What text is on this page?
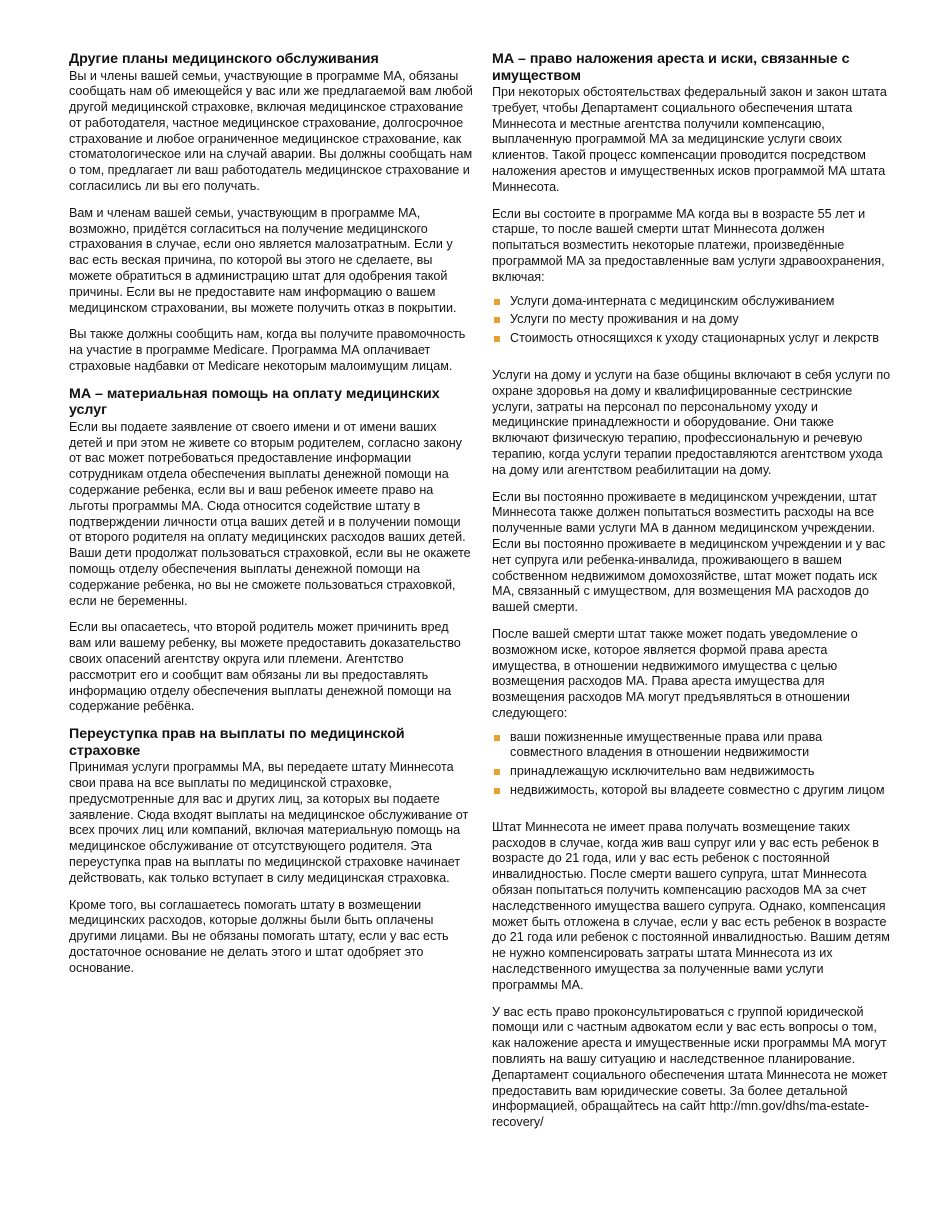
Другие планы медицинского обслуживания

Вы и члены вашей семьи, участвующие в программе МА, обязаны сообщать нам об имеющейся у вас или же предлагаемой вам любой другой медицинской страховке, включая медицинское страхование от работодателя, частное медицинское страхование, долгосрочное страхование и любое ограниченное медицинское страхование, как стоматологическое или на случай аварии. Вы должны сообщать нам о том, предлагает ли ваш работодатель медицинское страхование и согласились ли вы его получать.

Вам и членам вашей семьи, участвующим в программе МА, возможно, придётся согласиться на получение медицинского страхования в случае, если оно является малозатратным. Если у вас есть веская причина, по которой вы этого не сделаете, вы можете обратиться в администрацию штат для одобрения такой причины. Если вы не предоставите нам информацию о вашем медицинском страховании, вы можете получить отказ в покрытии.

Вы также должны сообщить нам, когда вы получите правомочность на участие в программе Medicare. Программа МА оплачивает страховые надбавки от Medicare некоторым малоимущим лицам.

МА – материальная помощь на оплату медицинских услуг

Если вы подаете заявление от своего имени и от имени ваших детей и при этом не живете со вторым родителем, согласно закону от вас может потребоваться предоставление информации сотрудникам отдела обеспечения выплаты денежной помощи на содержание ребенка, если вы и ваш ребенок имеете право на льготы программы МА. Сюда относится содействие штату в подтверждении личности отца ваших детей и в получении помощи от второго родителя на оплату медицинских расходов ваших детей. Ваши дети продолжат пользоваться страховкой, если вы не окажете помощь отделу обеспечения выплаты денежной помощи на содержание ребенка, но вы не сможете пользоваться страховкой, если не беременны.

Если вы опасаетесь, что второй родитель может причинить вред вам или вашему ребенку, вы можете предоставить доказательство своих опасений агентству округа или племени. Агентство рассмотрит его и сообщит вам обязаны ли вы предоставлять информацию отделу обеспечения выплаты денежной помощи на содержание ребёнка.

Переуступка прав на выплаты по медицинской страховке

Принимая услуги программы МА, вы передаете штату Миннесота свои права на все выплаты по медицинской страховке, предусмотренные для вас и других лиц, за которых вы подаете заявление. Сюда входят выплаты на медицинское обслуживание от всех прочих лиц или компаний, включая материальную помощь на медицинское обслуживание от отсутствующего родителя. Эта переуступка прав на выплаты по медицинской страховке начинает действовать, как только вступает в силу медицинская страховка.

Кроме того, вы соглашаетесь помогать штату в возмещении медицинских расходов, которые должны были быть оплачены другими лицами. Вы не обязаны помогать штату, если у вас есть достаточное основание не делать этого и штат одобряет это основание.

МА – право наложения ареста и иски, связанные с имуществом

При некоторых обстоятельствах федеральный закон и закон штата требует, чтобы Департамент социального обеспечения штата Миннесота и местные агентства получили компенсацию, выплаченную программой МА за медицинские услуги своих клиентов. Такой процесс компенсации проводится посредством наложения арестов и имущественных исков программой МА штата Миннесота.

Если вы состоите в программе МА когда вы в возрасте 55 лет и старше, то после вашей смерти штат Миннесота должен попытаться возместить некоторые платежи, произведённые программой МА за предоставленные вам услуги здравоохранения, включая:

Услуги дома-интерната с медицинским обслуживанием
Услуги по месту проживания и на дому
Стоимость относящихся к уходу стационарных услуг и лекрств

Услуги на дому и услуги на базе общины включают в себя услуги по охране здоровья на дому и квалифицированные сестринские услуги, затраты на персонал по персональному уходу и медицинские принадлежности и оборудование. Они также включают физическую терапию, профессиональную и речевую терапию, когда услуги терапии предоставляются агентством ухода на дому или агентством реабилитации на дому.

Если вы постоянно проживаете в медицинском учреждении, штат Миннесота также должен попытаться возместить расходы на все полученные вами услуги МА в данном медицинском учреждении. Если вы постоянно проживаете в медицинском учреждении и у вас нет супруга или ребенка-инвалида, проживающего в вашем собственном недвижимом домохозяйстве, штат может подать иск МА, связанный с имуществом, для возмещения МА расходов до вашей смерти.

После вашей смерти штат также может подать уведомление о возможном иске, которое является формой права ареста имущества, в отношении недвижимого имущества с целью возмещения расходов МА. Права ареста имущества для возмещения расходов МА могут предъявляться в отношении следующего:

ваши пожизненные имущественные права или права совместного владения в отношении недвижимости
принадлежащую исключительно вам недвижимость
недвижимость, которой вы владеете совместно с другим лицом

Штат Миннесота не имеет права получать возмещение таких расходов в случае, когда жив ваш супруг или у вас есть ребенок в возрасте до 21 года, или у вас есть ребенок с постоянной инвалидностью. После смерти вашего супруга, штат Миннесота обязан попытаться получить компенсацию расходов МА за счет наследственного имущества вашего супруга. Однако, компенсация может быть отложена в случае, если у вас есть ребенок в возрасте до 21 года или ребенок с постоянной инвалидностью. Вашим детям не нужно компенсировать затраты штата Миннесота из их наследственного имущества за полученные вами услуги программы МА.

У вас есть право проконсультироваться с группой юридической помощи или с частным адвокатом если у вас есть вопросы о том, как наложение ареста и имущественные иски программы МА могут повлиять на вашу ситуацию и наследственное планирование. Департамент социального обеспечения штата Миннесота не может предоставить вам юридические советы. За более детальной информацией, обращайтесь на сайт http://mn.gov/dhs/ma-estate-recovery/
